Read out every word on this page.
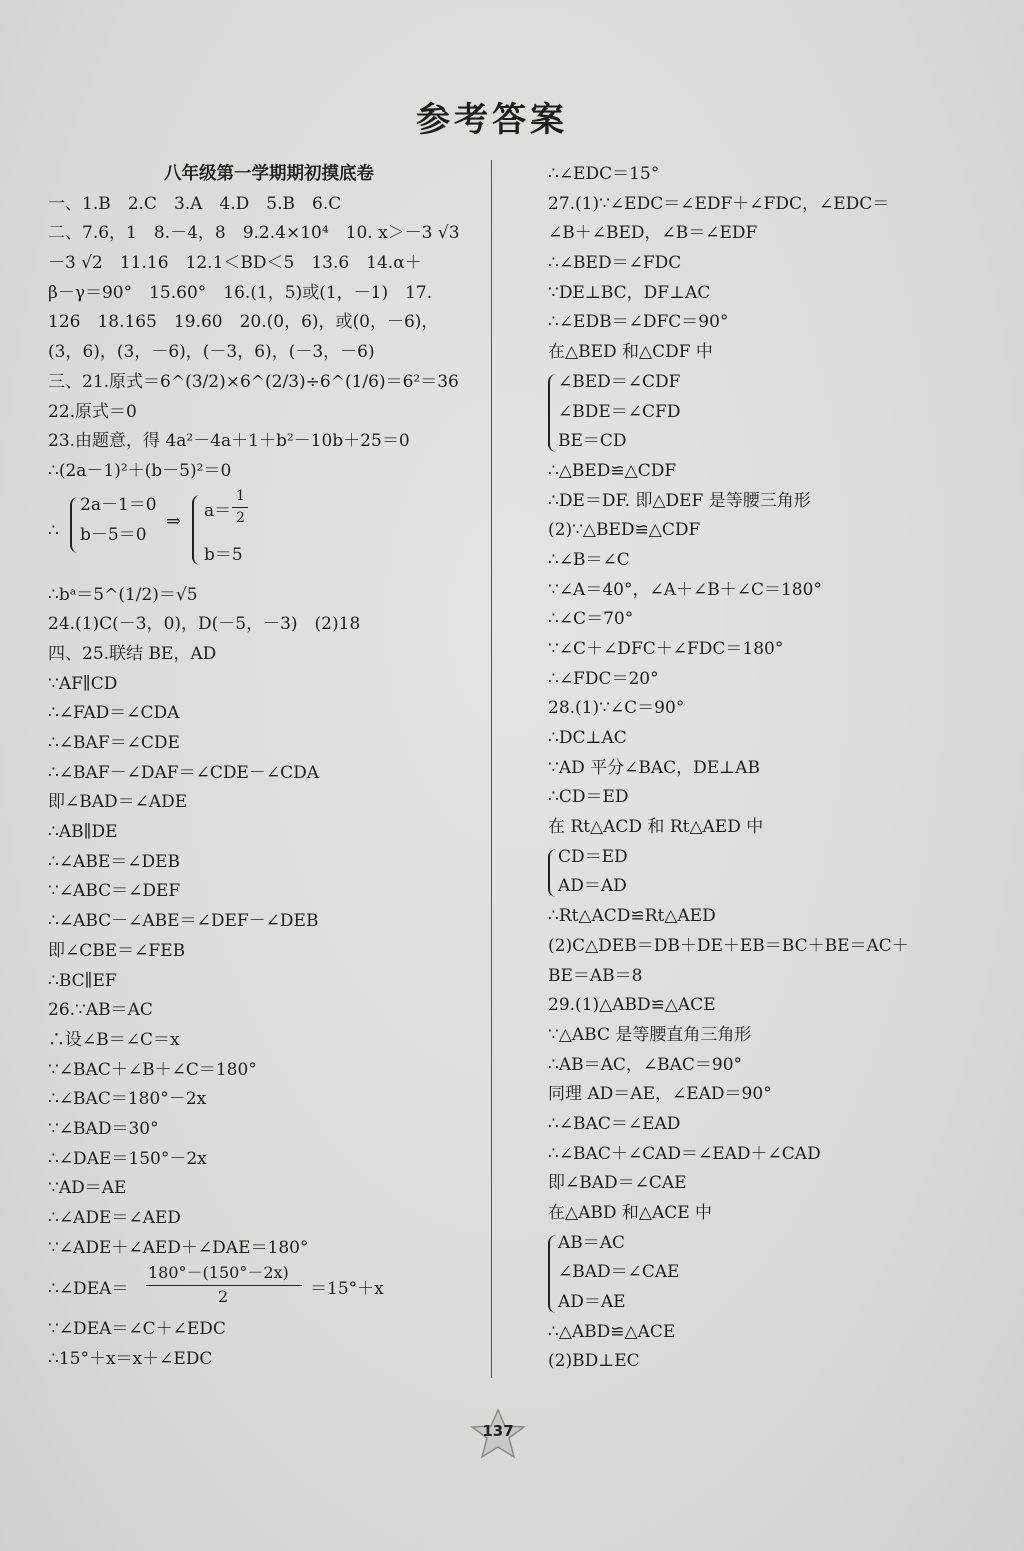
参考答案
八年级第一学期期初摸底卷
一、1.B　2.C　3.A　4.D　5.B　6.C
二、7.6，1　8.－4，8　9.2.4×10⁴　10. x＞－3 √3
－3 √2　11.16　12.1＜BD＜5　13.6　14.α＋
β－γ＝90°　15.60°　16.(1，5)或(1，－1)　17.
126　18.165　19.60　20.(0，6)，或(0，－6)，
(3，6)，(3，－6)，(－3，6)，(－3，－6)
三、21.原式＝6^(3/2)×6^(2/3)÷6^(1/6)＝6²＝36
22.原式＝0
23.由题意，得 4a²－4a＋1＋b²－10b＋25＝0
∴(2a－1)²＋(b－5)²＝0
∴
2a－1＝0
b－5＝0
⇒ a＝
1
2
b＝5
∴bᵃ＝5^(1/2)＝√5
24.(1)C(－3，0)，D(－5，－3)　(2)18
四、25.联结 BE，AD
∵AF∥CD
∴∠FAD＝∠CDA
∴∠BAF＝∠CDE
∴∠BAF－∠DAF＝∠CDE－∠CDA
即∠BAD＝∠ADE
∴AB∥DE
∴∠ABE＝∠DEB
∵∠ABC＝∠DEF
∴∠ABC－∠ABE＝∠DEF－∠DEB
即∠CBE＝∠FEB
∴BC∥EF
26.∵AB＝AC
∴设∠B＝∠C＝x
∵∠BAC＋∠B＋∠C＝180°
∴∠BAC＝180°－2x
∵∠BAD＝30°
∴∠DAE＝150°－2x
∵AD＝AE
∴∠ADE＝∠AED
∵∠ADE＋∠AED＋∠DAE＝180°
∴∠DEA＝
180°－(150°－2x)
2	＝15°＋x
∵∠DEA＝∠C＋∠EDC
∴15°＋x＝x＋∠EDC
∴∠EDC＝15°
27.(1)∵∠EDC＝∠EDF＋∠FDC，∠EDC＝
∠B＋∠BED，∠B＝∠EDF
∴∠BED＝∠FDC
∵DE⊥BC，DF⊥AC
∴∠EDB＝∠DFC＝90°
在△BED 和△CDF 中
∠BED＝∠CDF
∠BDE＝∠CFD
BE＝CD
∴△BED≌△CDF
∴DE＝DF. 即△DEF 是等腰三角形
(2)∵△BED≌△CDF
∴∠B＝∠C
∵∠A＝40°，∠A＋∠B＋∠C＝180°
∴∠C＝70°
∵∠C＋∠DFC＋∠FDC＝180°
∴∠FDC＝20°
28.(1)∵∠C＝90°
∴DC⊥AC
∵AD 平分∠BAC，DE⊥AB
∴CD＝ED
在 Rt△ACD 和 Rt△AED 中
CD＝ED
AD＝AD
∴Rt△ACD≌Rt△AED
(2)C△DEB＝DB＋DE＋EB＝BC＋BE＝AC＋
BE＝AB＝8
29.(1)△ABD≌△ACE
∵△ABC 是等腰直角三角形
∴AB＝AC，∠BAC＝90°
同理 AD＝AE，∠EAD＝90°
∴∠BAC＝∠EAD
∴∠BAC＋∠CAD＝∠EAD＋∠CAD
即∠BAD＝∠CAE
在△ABD 和△ACE 中
AB＝AC
∠BAD＝∠CAE
AD＝AE
∴△ABD≌△ACE
(2)BD⊥EC
137
